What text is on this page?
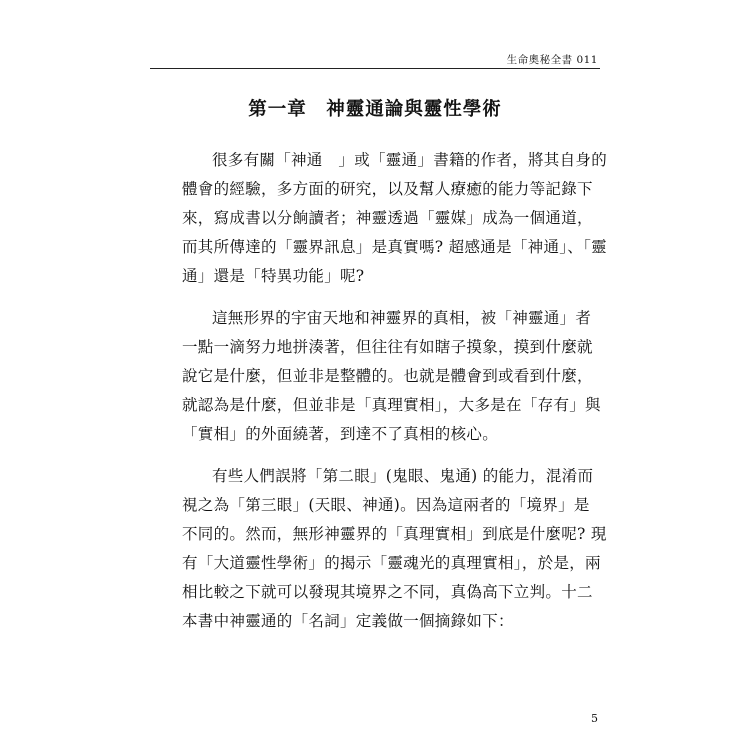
生命奧秘全書 011
第一章　神靈通論與靈性學術

很多有關「神通　」或「靈通」書籍的作者，將其自身的
體會的經驗，多方面的研究，以及幫人療癒的能力等記錄下
來，寫成書以分餉讀者；神靈透過「靈媒」成為一個通道，
而其所傳達的「靈界訊息」是真實嗎? 超感通是「神通」、「靈
通」還是「特異功能」呢?

這無形界的宇宙天地和神靈界的真相，被「神靈通」者
一點一滴努力地拼湊著，但往往有如瞎子摸象，摸到什麼就
說它是什麼，但並非是整體的。也就是體會到或看到什麼，
就認為是什麼，但並非是「真理實相」，大多是在「存有」與
「實相」的外面繞著，到達不了真相的核心。

有些人們誤將「第二眼」(鬼眼、鬼通) 的能力，混淆而
視之為「第三眼」(天眼、神通)。因為這兩者的「境界」是
不同的。然而，無形神靈界的「真理實相」到底是什麼呢? 現
有「大道靈性學術」的揭示「靈魂光的真理實相」，於是，兩
相比較之下就可以發現其境界之不同，真偽高下立判。十二
本書中神靈通的「名詞」定義做一個摘錄如下：

5
